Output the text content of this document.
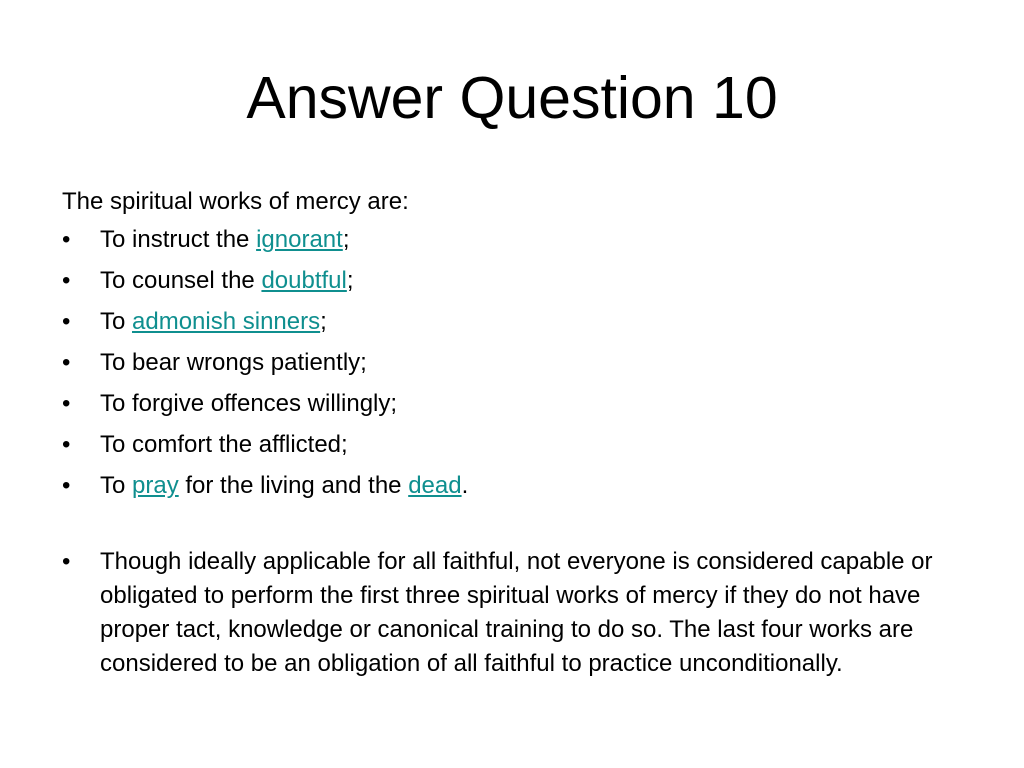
Answer Question 10
The spiritual works of mercy are:
• To instruct the ignorant;
• To counsel the doubtful;
• To admonish sinners;
• To bear wrongs patiently;
• To forgive offences willingly;
• To comfort the afflicted;
• To pray for the living and the dead.
• Though ideally applicable for all faithful, not everyone is considered capable or obligated to perform the first three spiritual works of mercy if they do not have proper tact, knowledge or canonical training to do so. The last four works are considered to be an obligation of all faithful to practice unconditionally.
